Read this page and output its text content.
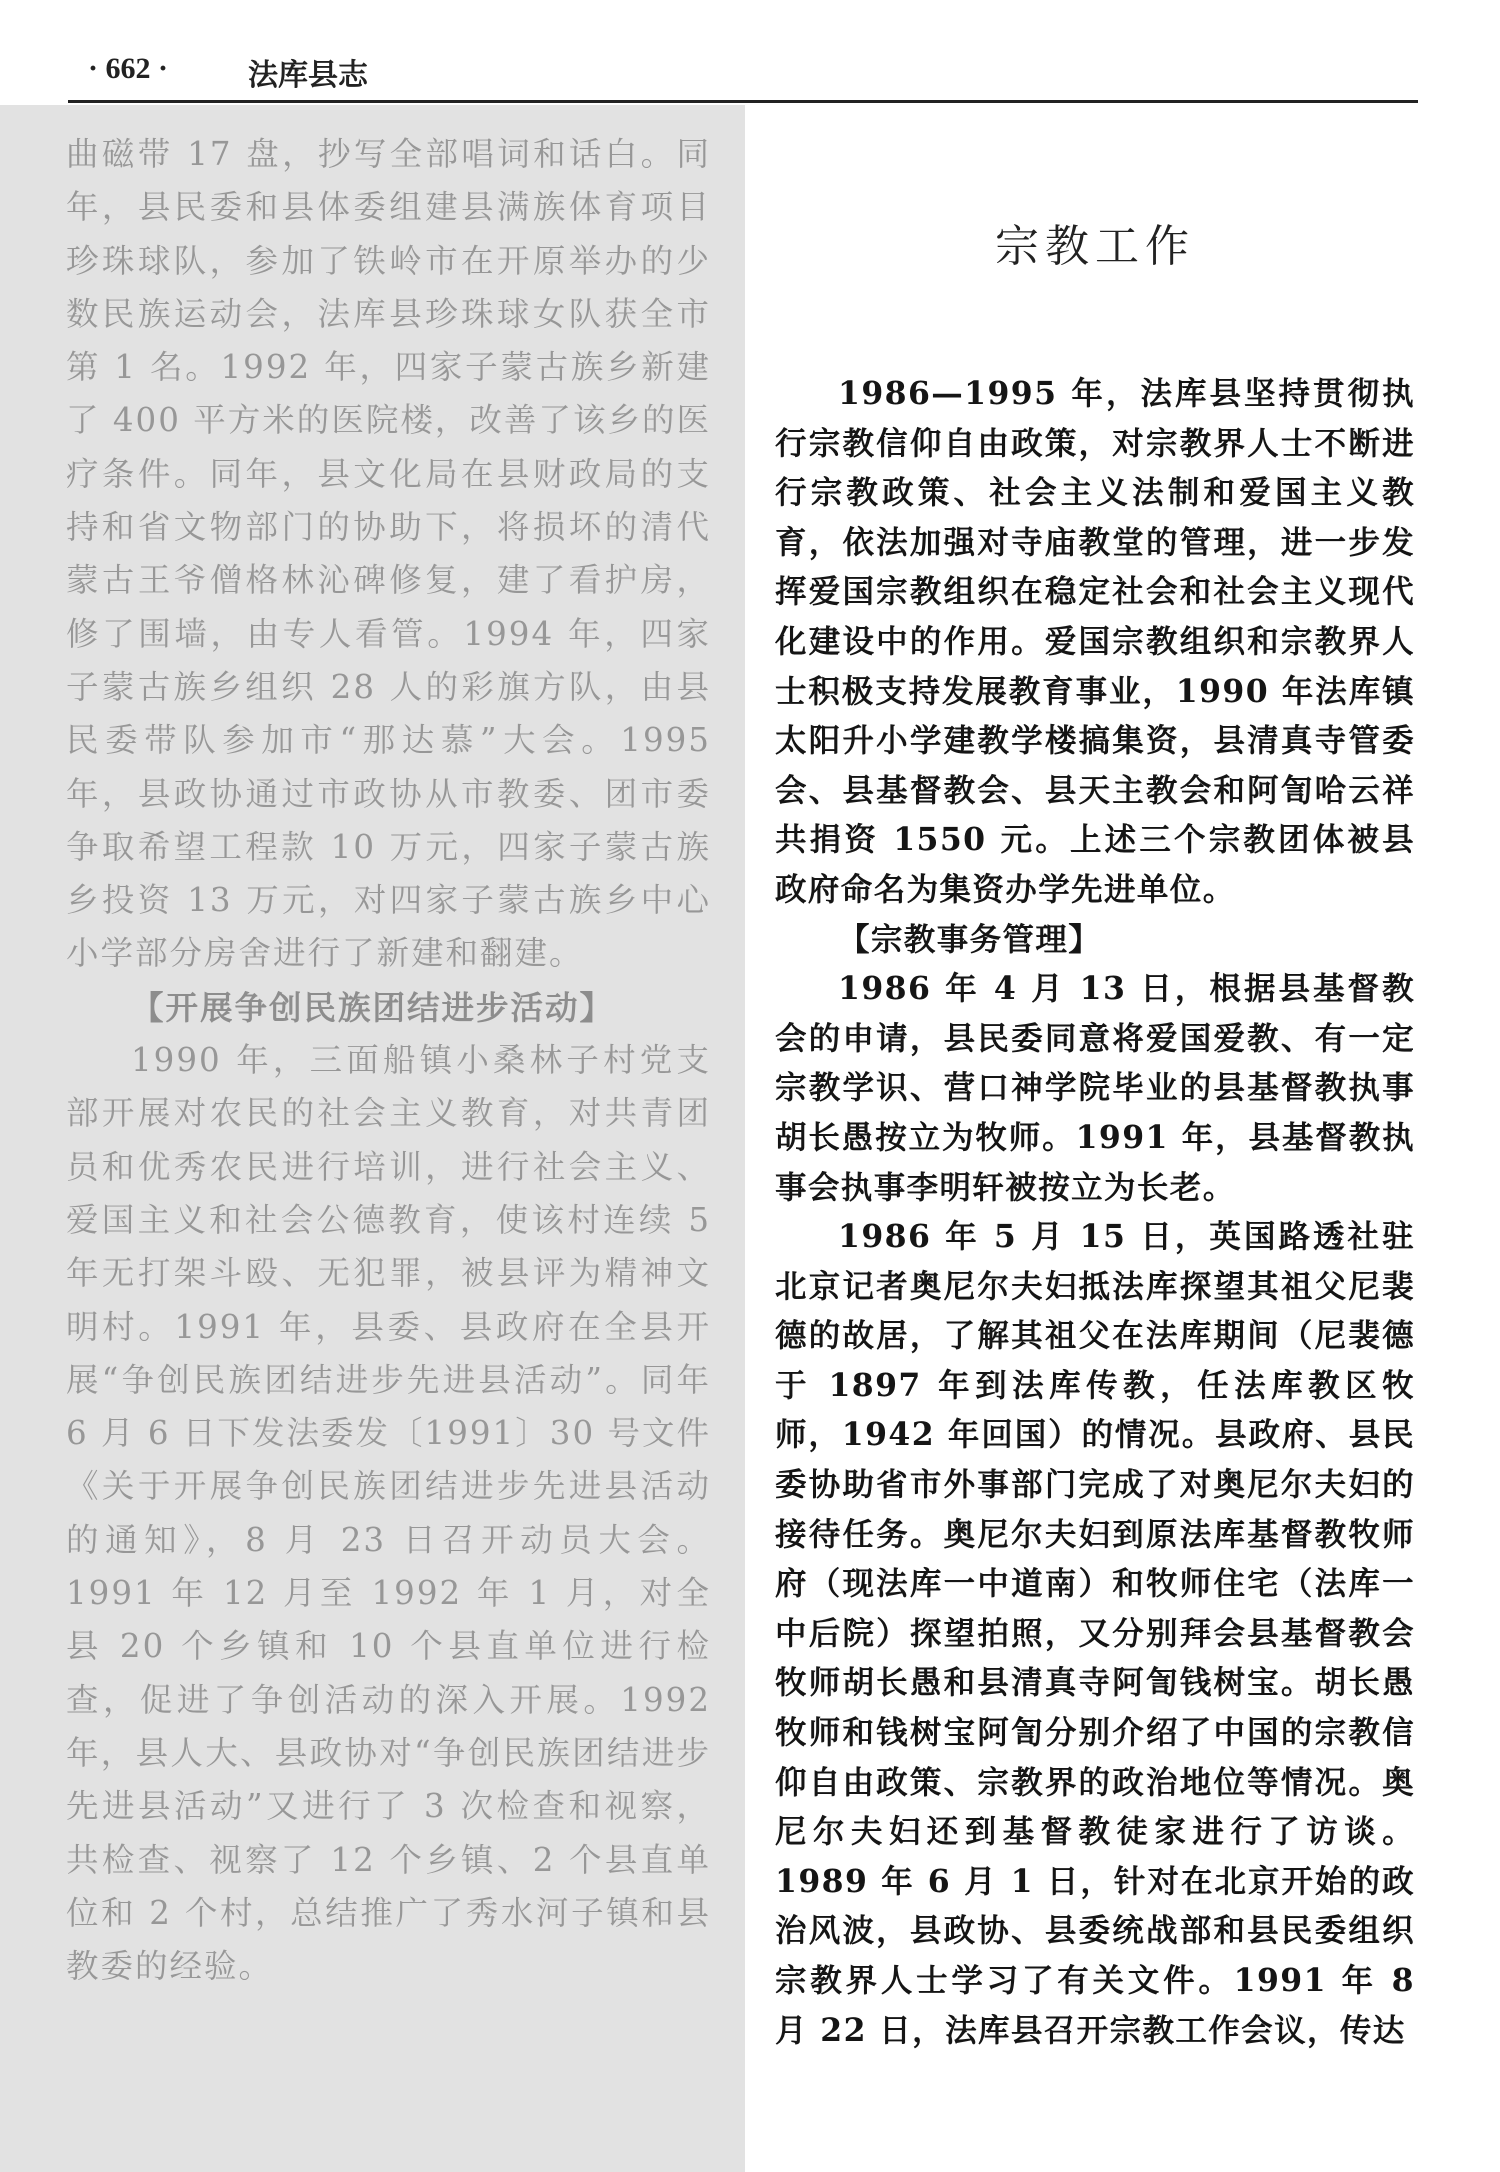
· 662 ·	法库县志

曲磁带 17 盘，抄写全部唱词和话白。同年，县民委和县体委组建县满族体育项目珍珠球队，参加了铁岭市在开原举办的少数民族运动会，法库县珍珠球女队获全市第 1 名。1992 年，四家子蒙古族乡新建了 400 平方米的医院楼，改善了该乡的医疗条件。同年，县文化局在县财政局的支持和省文物部门的协助下，将损坏的清代蒙古王爷僧格林沁碑修复，建了看护房，修了围墙，由专人看管。1994 年，四家子蒙古族乡组织 28 人的彩旗方队，由县民委带队参加市“那达慕”大会。1995 年，县政协通过市政协从市教委、团市委争取希望工程款 10 万元，四家子蒙古族乡投资 13 万元，对四家子蒙古族乡中心小学部分房舍进行了新建和翻建。

【开展争创民族团结进步活动】

1990 年，三面船镇小桑林子村党支部开展对农民的社会主义教育，对共青团员和优秀农民进行培训，进行社会主义、爱国主义和社会公德教育，使该村连续 5 年无打架斗殴、无犯罪，被县评为精神文明村。1991 年，县委、县政府在全县开展“争创民族团结进步先进县活动”。同年 6 月 6 日下发法委发〔1991〕30 号文件《关于开展争创民族团结进步先进县活动的通知》，8 月 23 日召开动员大会。1991 年 12 月至 1992 年 1 月，对全县 20 个乡镇和 10 个县直单位进行检查，促进了争创活动的深入开展。1992 年，县人大、县政协对“争创民族团结进步先进县活动”又进行了 3 次检查和视察，共检查、视察了 12 个乡镇、2 个县直单位和 2 个村，总结推广了秀水河子镇和县教委的经验。

宗教工作

1986—1995 年，法库县坚持贯彻执行宗教信仰自由政策，对宗教界人士不断进行宗教政策、社会主义法制和爱国主义教育，依法加强对寺庙教堂的管理，进一步发挥爱国宗教组织在稳定社会和社会主义现代化建设中的作用。爱国宗教组织和宗教界人士积极支持发展教育事业，1990 年法库镇太阳升小学建教学楼搞集资，县清真寺管委会、县基督教会、县天主教会和阿訇哈云祥共捐资 1550 元。上述三个宗教团体被县政府命名为集资办学先进单位。

【宗教事务管理】

1986 年 4 月 13 日，根据县基督教会的申请，县民委同意将爱国爱教、有一定宗教学识、营口神学院毕业的县基督教执事胡长愚按立为牧师。1991 年，县基督教执事会执事李明轩被按立为长老。

1986 年 5 月 15 日，英国路透社驻北京记者奥尼尔夫妇抵法库探望其祖父尼裴德的故居，了解其祖父在法库期间（尼裴德于 1897 年到法库传教，任法库教区牧师，1942 年回国）的情况。县政府、县民委协助省市外事部门完成了对奥尼尔夫妇的接待任务。奥尼尔夫妇到原法库基督教牧师府（现法库一中道南）和牧师住宅（法库一中后院）探望拍照，又分别拜会县基督教会牧师胡长愚和县清真寺阿訇钱树宝。胡长愚牧师和钱树宝阿訇分别介绍了中国的宗教信仰自由政策、宗教界的政治地位等情况。奥尼尔夫妇还到基督教徒家进行了访谈。1989 年 6 月 1 日，针对在北京开始的政治风波，县政协、县委统战部和县民委组织宗教界人士学习了有关文件。1991 年 8 月 22 日，法库县召开宗教工作会议，传达
